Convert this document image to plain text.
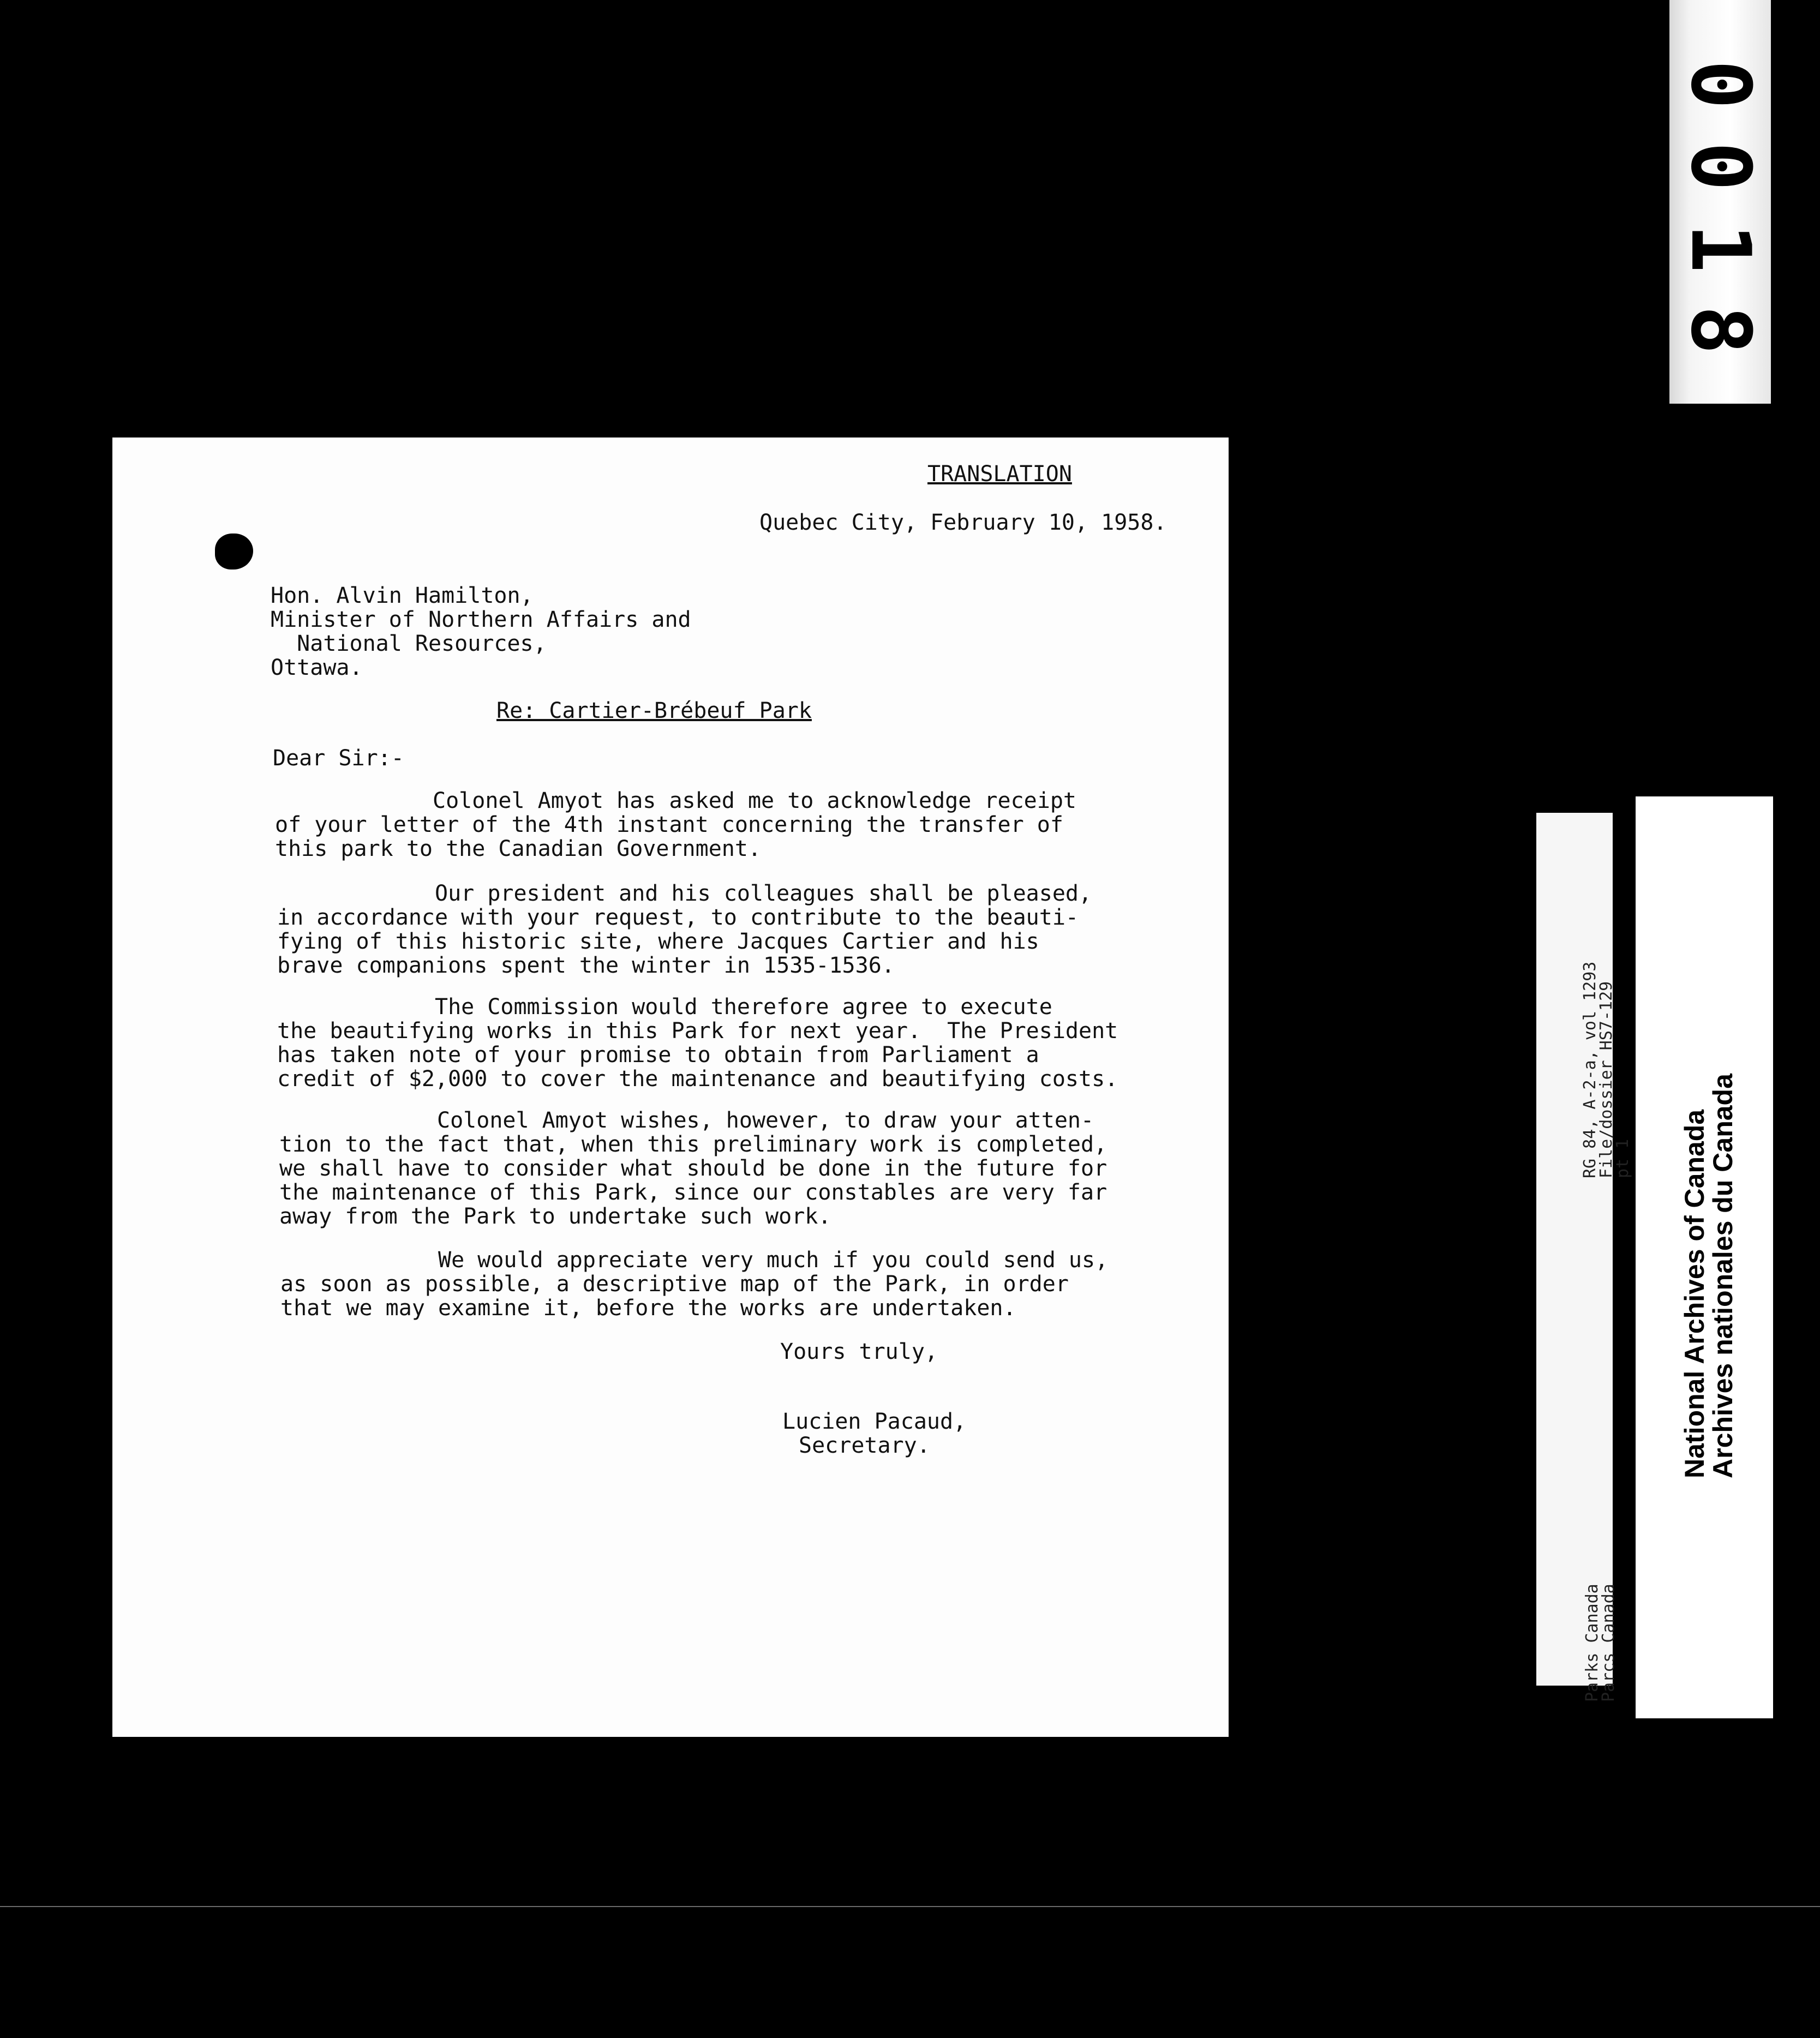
0
0
1
8
TRANSLATION
Quebec City, February 10, 1958.
Hon. Alvin Hamilton,
Minister of Northern Affairs and
National Resources,
Ottawa.
Re: Cartier-Brébeuf Park
Dear Sir:-
Colonel Amyot has asked me to acknowledge receipt
of your letter of the 4th instant concerning the transfer of
this park to the Canadian Government.
Our president and his colleagues shall be pleased,
in accordance with your request, to contribute to the beauti-
fying of this historic site, where Jacques Cartier and his
brave companions spent the winter in 1535-1536.
The Commission would therefore agree to execute
the beautifying works in this Park for next year.  The President
has taken note of your promise to obtain from Parliament a
credit of $2,000 to cover the maintenance and beautifying costs.
Colonel Amyot wishes, however, to draw your atten-
tion to the fact that, when this preliminary work is completed,
we shall have to consider what should be done in the future for
the maintenance of this Park, since our constables are very far
away from the Park to undertake such work.
We would appreciate very much if you could send us,
as soon as possible, a descriptive map of the Park, in order
that we may examine it, before the works are undertaken.
Yours truly,
Lucien Pacaud,
Secretary.
RG 84, A-2-a, vol 1293
File/dossier HS7-129
pt 1
Parks Canada
Parcs Canada
National Archives of Canada
Archives nationales du Canada
